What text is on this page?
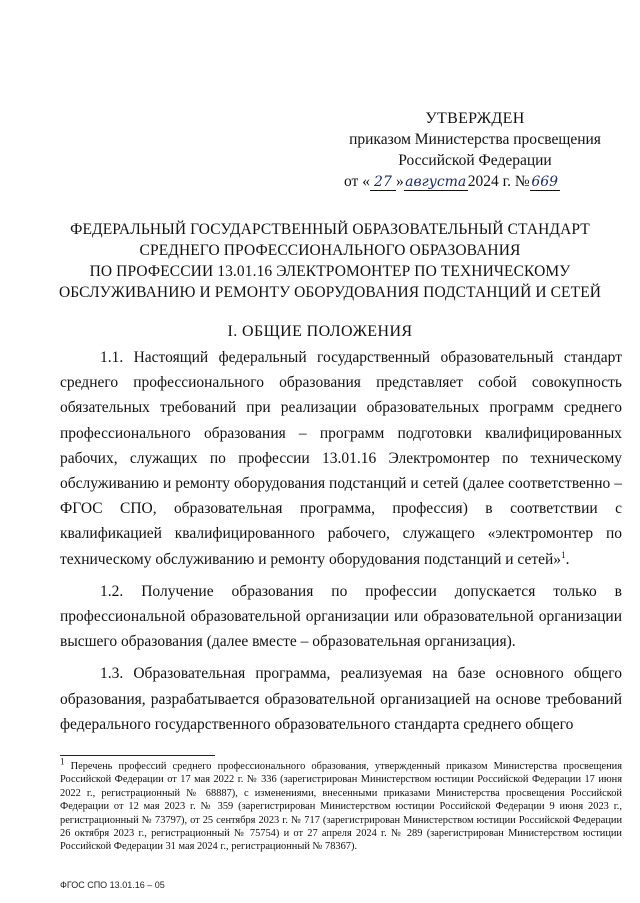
УТВЕРЖДЕН
приказом Министерства просвещения
Российской Федерации
от « 27 »августа2024 г. № 669
ФЕДЕРАЛЬНЫЙ ГОСУДАРСТВЕННЫЙ ОБРАЗОВАТЕЛЬНЫЙ СТАНДАРТ
СРЕДНЕГО ПРОФЕССИОНАЛЬНОГО ОБРАЗОВАНИЯ
ПО ПРОФЕССИИ 13.01.16 ЭЛЕКТРОМОНТЕР ПО ТЕХНИЧЕСКОМУ
ОБСЛУЖИВАНИЮ И РЕМОНТУ ОБОРУДОВАНИЯ ПОДСТАНЦИЙ И СЕТЕЙ
I. ОБЩИЕ ПОЛОЖЕНИЯ

1.1. Настоящий федеральный государственный образовательный стандарт среднего профессионального образования представляет собой совокупность обязательных требований при реализации образовательных программ среднего профессионального образования – программ подготовки квалифицированных рабочих, служащих по профессии 13.01.16 Электромонтер по техническому обслуживанию и ремонту оборудования подстанций и сетей (далее соответственно – ФГОС СПО, образовательная программа, профессия) в соответствии с квалификацией квалифицированного рабочего, служащего «электромонтер по техническому обслуживанию и ремонту оборудования подстанций и сетей»$^1$.

1.2. Получение образования по профессии допускается только в профессиональной образовательной организации или образовательной организации высшего образования (далее вместе – образовательная организация).

1.3. Образовательная программа, реализуемая на базе основного общего образования, разрабатывается образовательной организацией на основе требований федерального государственного образовательного стандарта среднего общего

$^1$ Перечень профессий среднего профессионального образования, утвержденный приказом Министерства просвещения Российской Федерации от 17 мая 2022 г. № 336 (зарегистрирован Министерством юстиции Российской Федерации 17 июня 2022 г., регистрационный № 68887), с изменениями, внесенными приказами Министерства просвещения Российской Федерации от 12 мая 2023 г. № 359 (зарегистрирован Министерством юстиции Российской Федерации 9 июня 2023 г., регистрационный № 73797), от 25 сентября 2023 г. № 717 (зарегистрирован Министерством юстиции Российской Федерации 26 октября 2023 г., регистрационный № 75754) и от 27 апреля 2024 г. № 289 (зарегистрирован Министерством юстиции Российской Федерации 31 мая 2024 г., регистрационный № 78367).
ФГОС СПО 13.01.16 – 05
